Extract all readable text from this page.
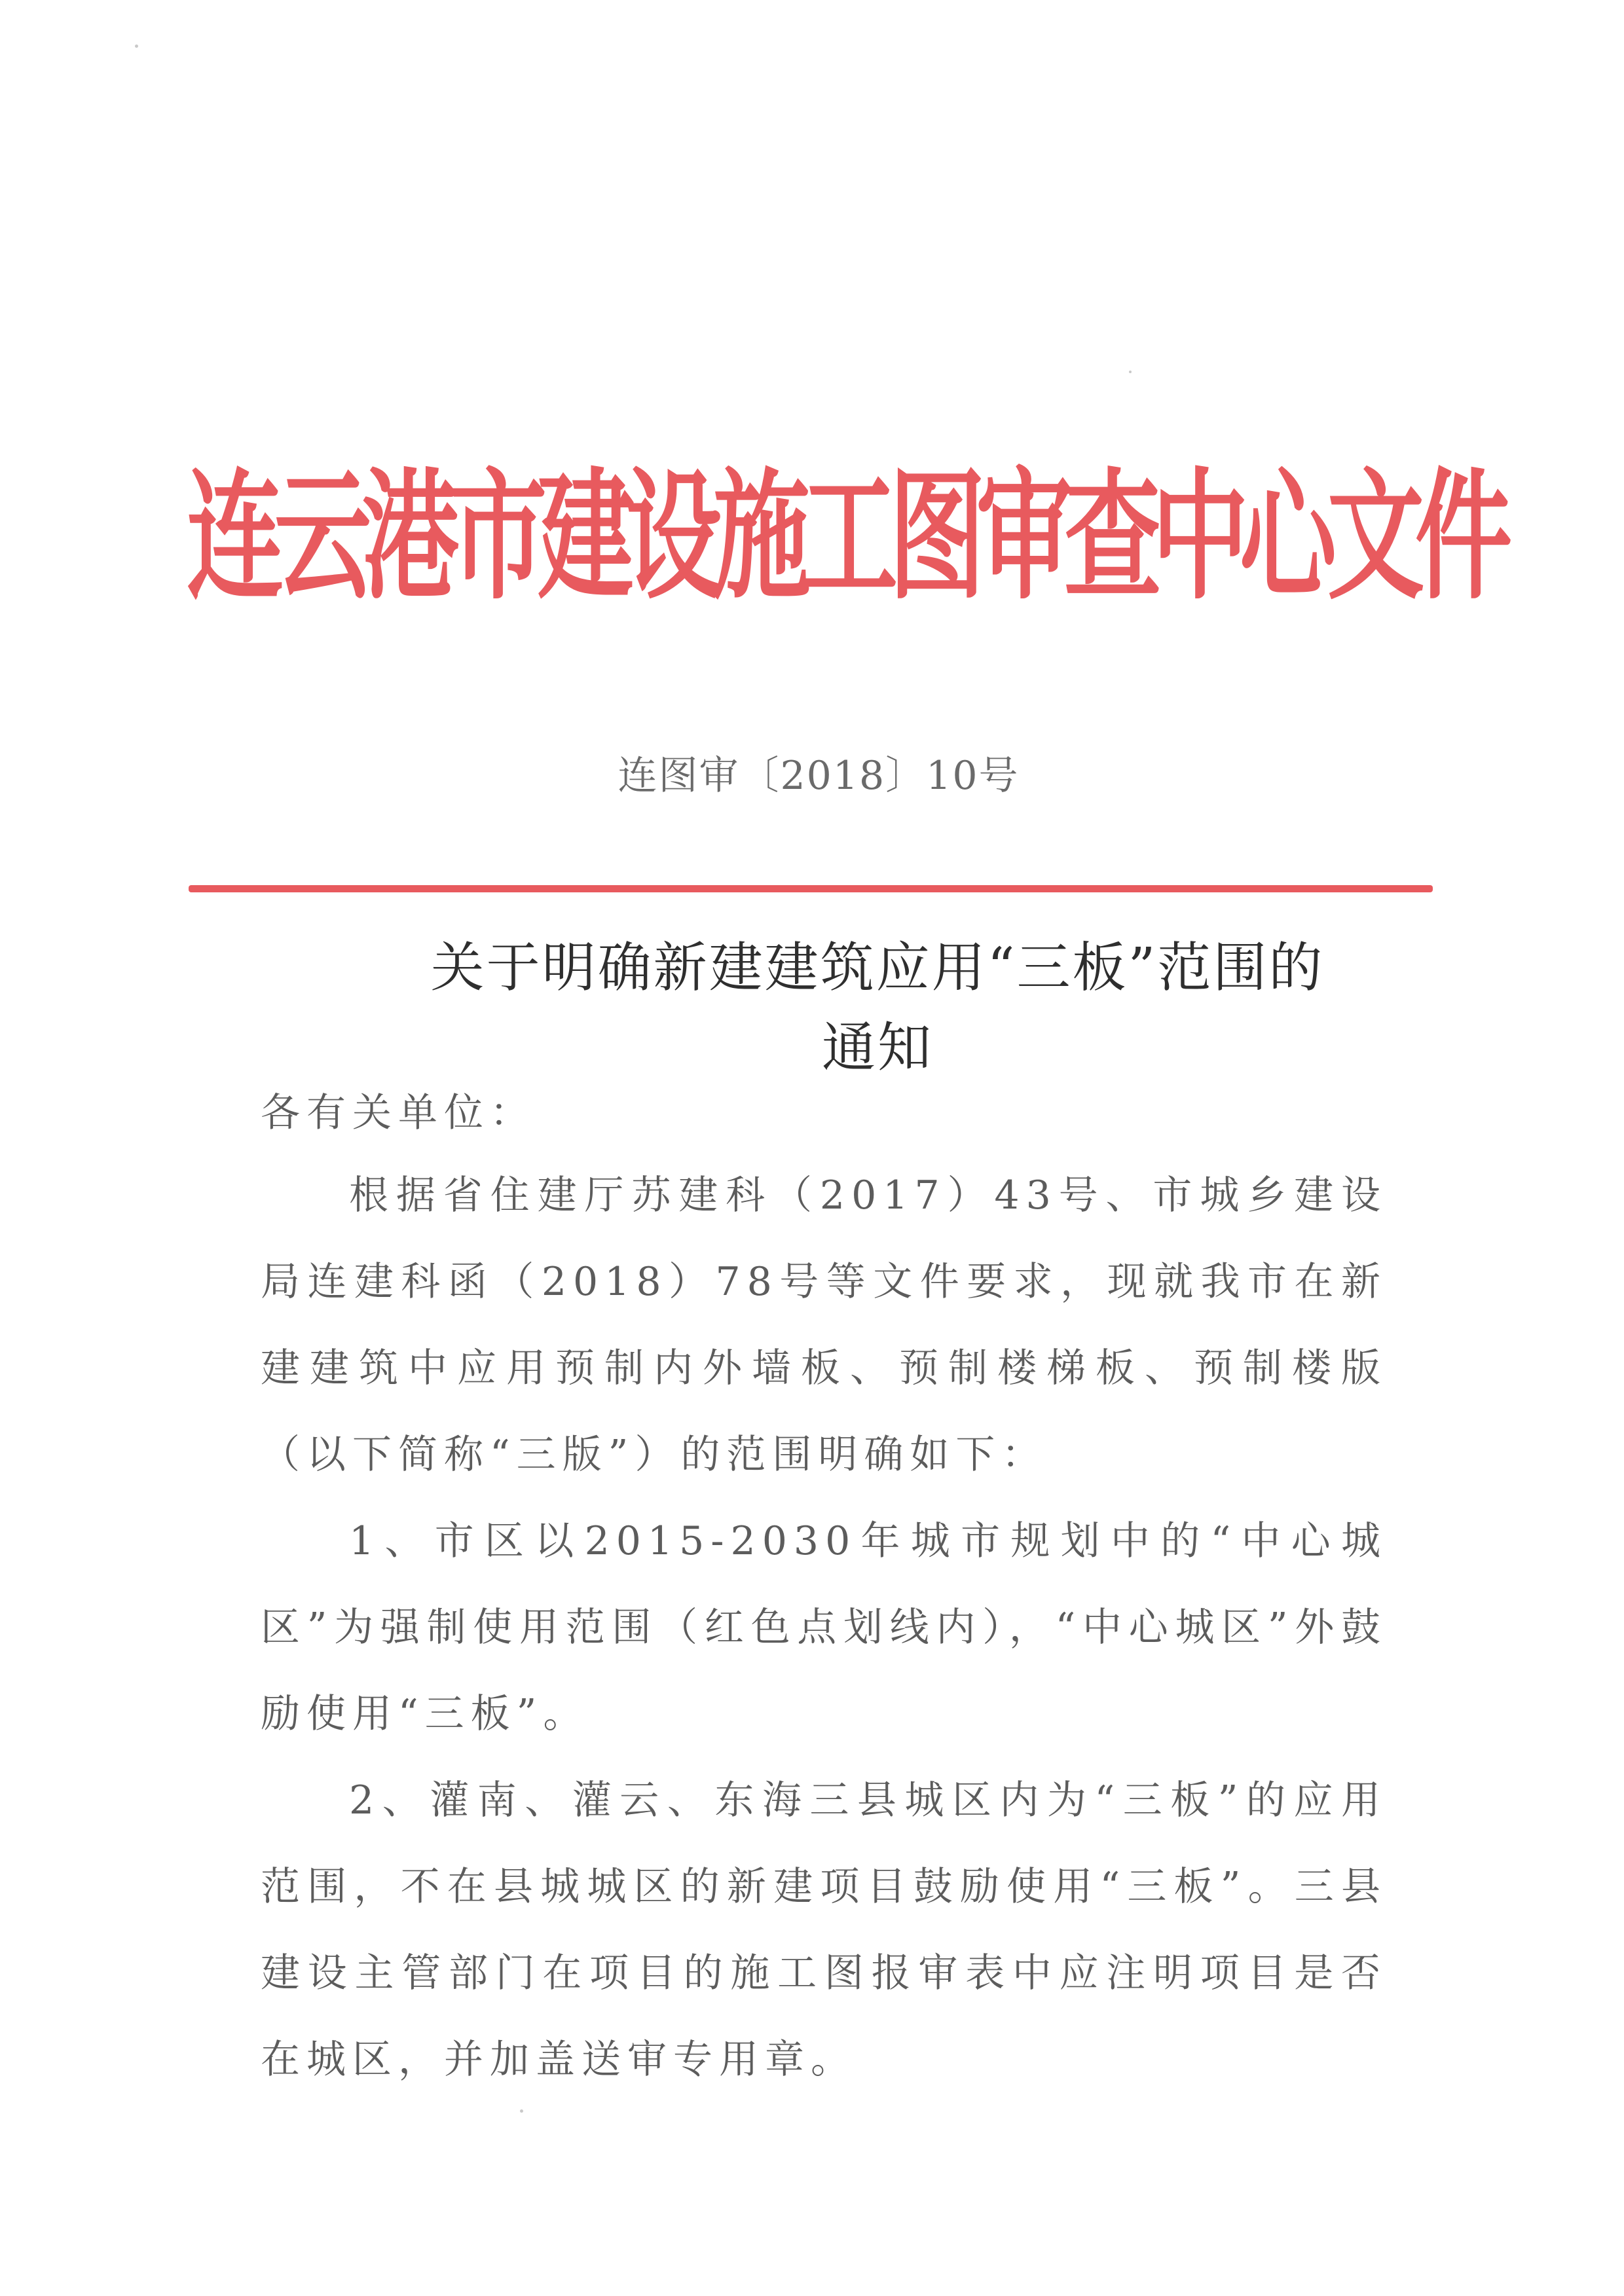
连云港市建设施工图审查中心文件
连图审〔2018〕10号
关于明确新建建筑应用“三板”范围的
通知
各有关单位：

根据省住建厅苏建科（2017）43号、市城乡建设局连建科函（2018）78号等文件要求，现就我市在新建建筑中应用预制内外墙板、预制楼梯板、预制楼版（以下简称“三版”）的范围明确如下：

1、市区以2015-2030年城市规划中的“中心城区”为强制使用范围（红色点划线内），“中心城区”外鼓励使用“三板”。

2、灌南、灌云、东海三县城区内为“三板”的应用范围，不在县城城区的新建项目鼓励使用“三板”。三县建设主管部门在项目的施工图报审表中应注明项目是否在城区，并加盖送审专用章。
